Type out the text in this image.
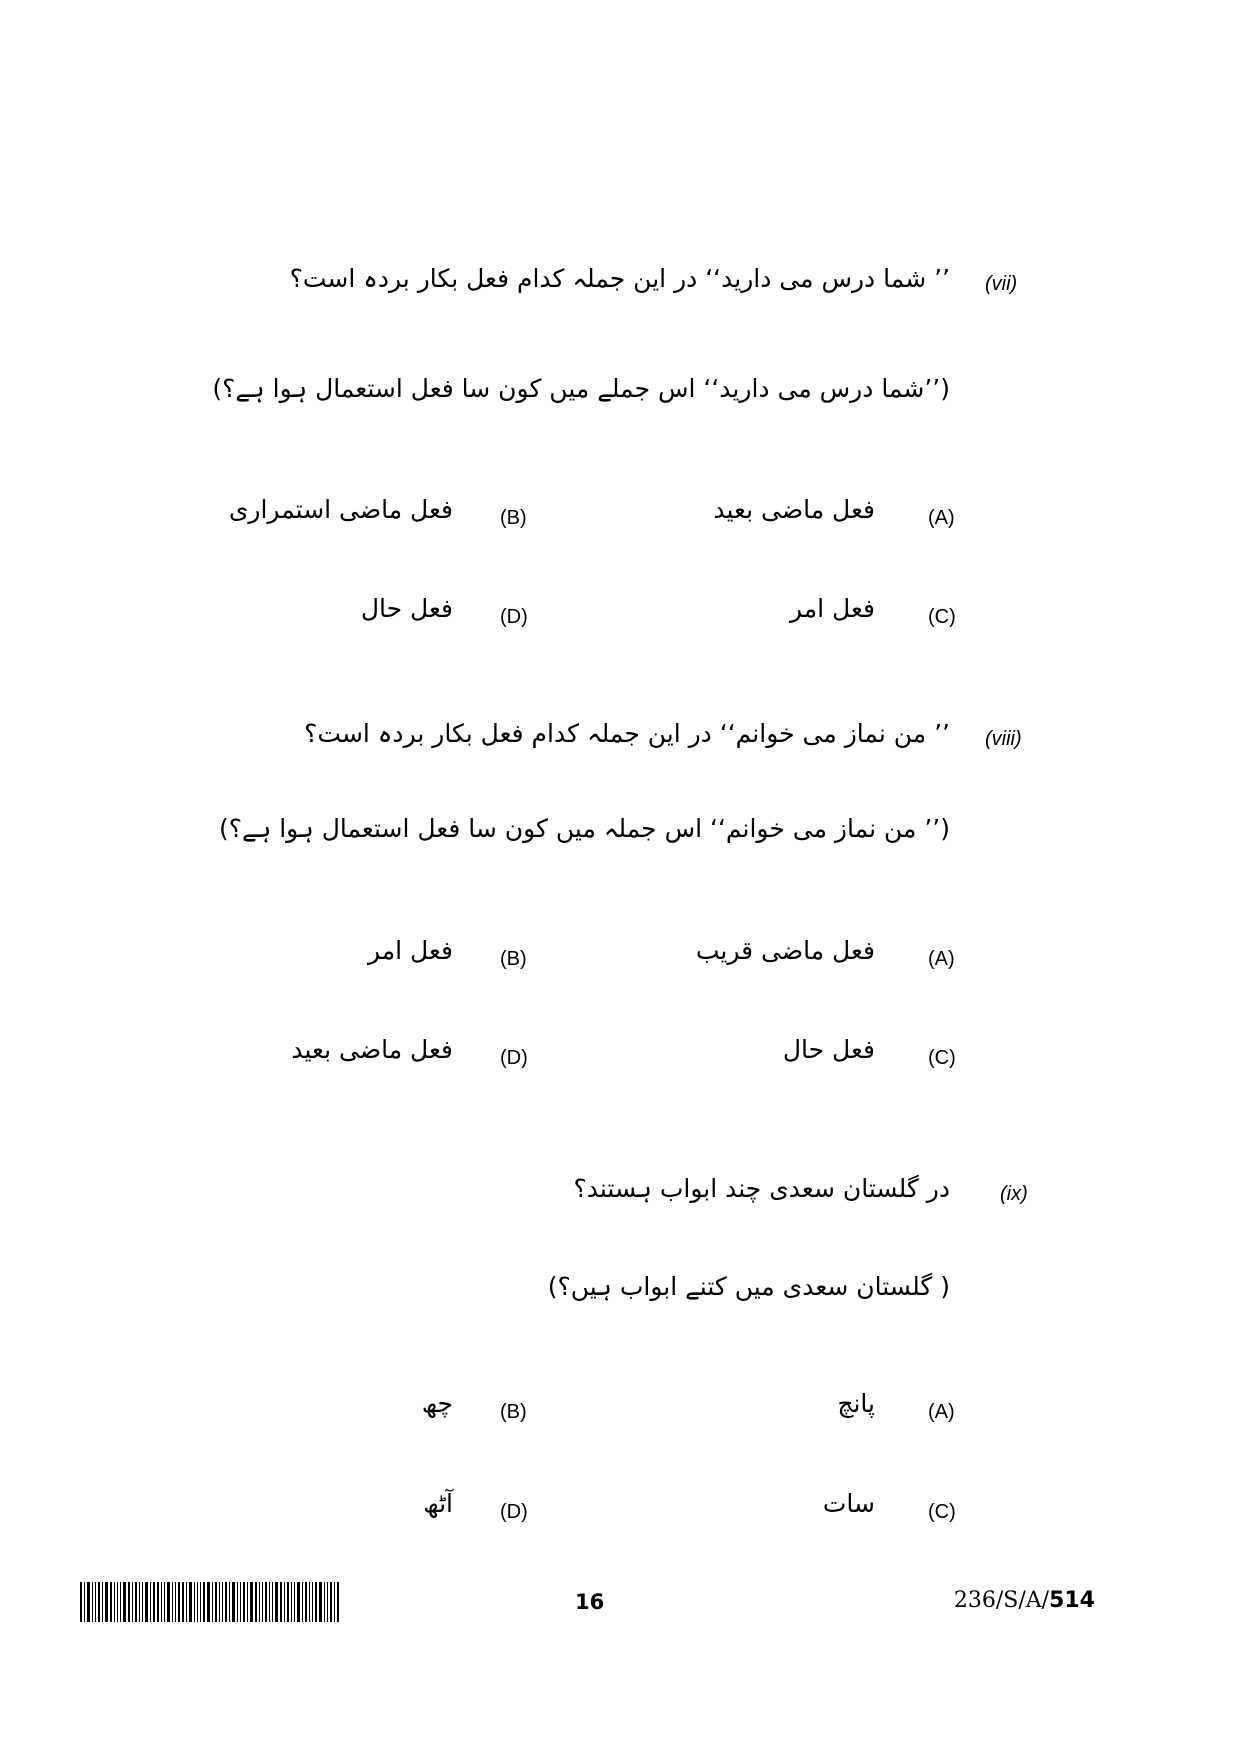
(vii)
’’ شما درس می دارید‘‘ در این جملہ کدام فعل بکار بردہ است؟
(’’شما درس می دارید‘‘ اس جملے میں کون سا فعل استعمال ہوا ہے؟)
(A)
فعل ماضی بعید
(B)
فعل ماضی استمراری
(C)
فعل امر
(D)
فعل حال
(viii)
’’ من نماز می خوانم‘‘ در این جملہ کدام فعل بکار بردہ است؟
(’’ من نماز می خوانم‘‘ اس جملہ میں کون سا فعل استعمال ہوا ہے؟)
(A)
فعل ماضی قریب
(B)
فعل امر
(C)
فعل حال
(D)
فعل ماضی بعید
(ix)
در گلستان سعدی چند ابواب ہستند؟
( گلستان سعدی میں کتنے ابواب ہیں؟)
(A)
پانچ
(B)
چھ
(C)
سات
(D)
آٹھ
16	236/S/A/514
